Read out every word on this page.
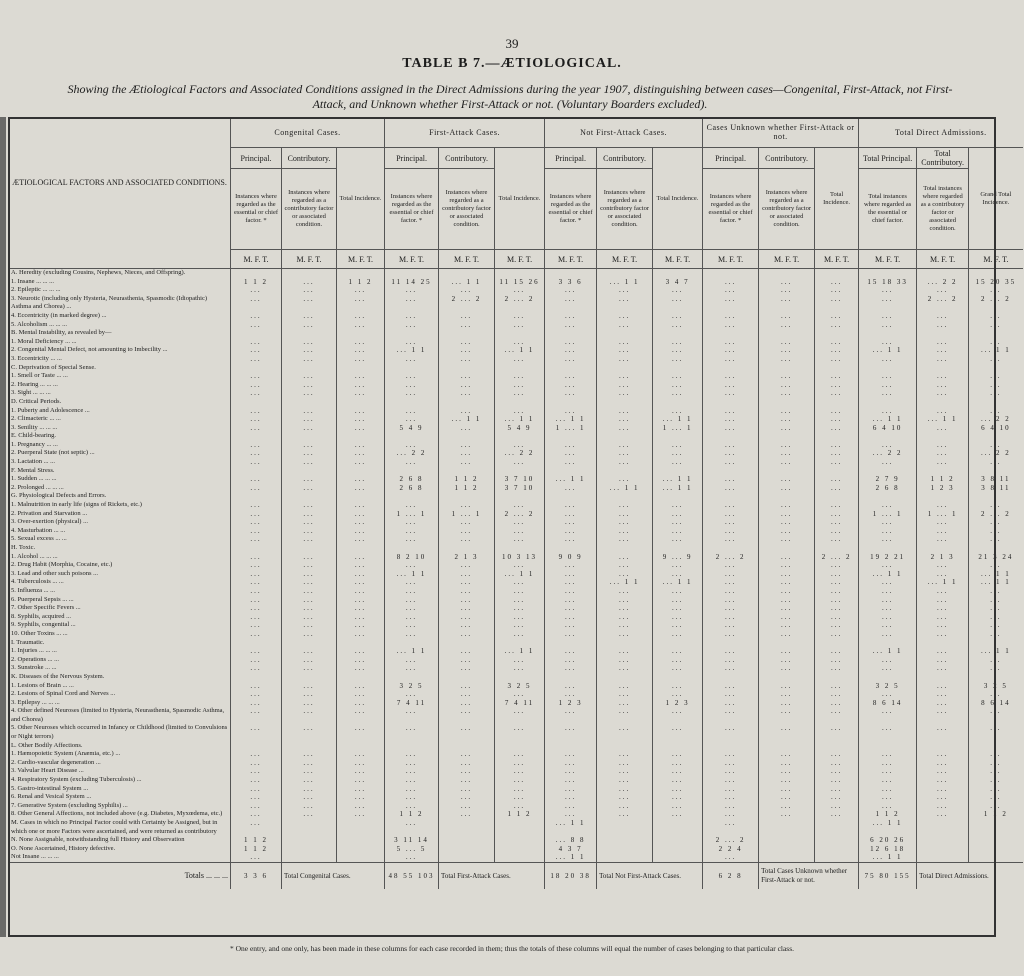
39
TABLE B 7.—ÆTIOLOGICAL.
Showing the Ætiological Factors and Associated Conditions assigned in the Direct Admissions during the year 1907, distinguishing between cases—Congenital, First-Attack, not First-Attack, and Unknown whether First-Attack or not. (Voluntary Boarders excluded).
ÆTIOLOGICAL FACTORS AND ASSOCIATED CONDITIONS.	Congenital Cases.			First-Attack Cases.			Not First-Attack Cases.			Cases Unknown whether First-Attack or not.			Total Direct Admissions.		
	Principal.	Contributory.	Total Incidence.	Principal.	Contributory.	Total Incidence.	Principal.	Contributory.	Total Incidence.	Principal.	Contributory.	Total Incidence.	Total Principal.	Total Contributory.	Grand Total Incidence.
	Instances where regarded as the essential or chief factor. *	Instances where regarded as a contributory factor or associated condition.		Instances where regarded as the essential or chief factor. *	Instances where regarded as a contributory factor or associated condition.		Instances where regarded as the essential or chief factor. *	Instances where regarded as a contributory factor or associated condition.		Instances where regarded as the essential or chief factor. *	Instances where regarded as a contributory factor or associated condition.		Total instances where regarded as the essential or chief factor.	Total instances where regarded as a contributory factor or associated condition.	
	M. F. T.	M. F. T.	M. F. T.	M. F. T.	M. F. T.	M. F. T.	M. F. T.	M. F. T.	M. F. T.	M. F. T.	M. F. T.	M. F. T.	M. F. T.	M. F. T.	M. F. T.
A. Heredity (excluding Cousins, Nephews, Nieces, and Offspring).															
1. Insane ... ... ...	1 1 2	...	1 1 2	11 14 25	... 1 1	11 15 26	3 3 6	... 1 1	3 4 7	...	...	...	15 18 33	... 2 2	15 20 35
2. Epileptic ... ... ...	...	...	...	...	...	...	...	...	...	...	...	...	...	...	...
3. Neurotic (including only Hysteria, Neurasthenia, Spasmodic (Idiopathic) Asthma and Chorea) ...	...	...	...	...	2 ... 2	2 ... 2	...	...	...	...	...	...	...	2 ... 2	2 ... 2
4. Eccentricity (in marked degree) ...	...	...	...	...	...	...	...	...	...	...	...	...	...	...	...
5. Alcoholism ... ... ...	...	...	...	...	...	...	...	...	...	...	...	...	...	...	...
B. Mental Instability, as revealed by—															
1. Moral Deficiency ... ...	...	...	...	...	...	...	...	...	...	...	...	...	...	...	...
2. Congenital Mental Defect, not amounting to Imbecility ...	...	...	...	... 1 1	...	... 1 1	...	...	...	...	...	...	... 1 1	...	... 1 1
3. Eccentricity ... ...	...	...	...	...	...	...	...	...	...	...	...	...	...	...	...
C. Deprivation of Special Sense.															
1. Smell or Taste ... ...	...	...	...	...	...	...	...	...	...	...	...	...	...	...	...
2. Hearing ... ... ...	...	...	...	...	...	...	...	...	...	...	...	...	...	...	...
3. Sight ... ... ...	...	...	...	...	...	...	...	...	...	...	...	...	...	...	...
D. Critical Periods.															
1. Puberty and Adolescence ...	...	...	...	...	...	...	...	...	...	...	...	...	...	...	...
2. Climacteric ... ...	...	...	...	...	... 1 1	... 1 1	... 1 1	...	... 1 1	...	...	...	... 1 1	... 1 1	... 2 2
3. Senility ... ... ...	...	...	...	5 4 9	...	5 4 9	1 ... 1	...	1 ... 1	...	...	...	6 4 10	...	6 4 10
E. Child-bearing.															
1. Pregnancy ... ...	...	...	...	...	...	...	...	...	...	...	...	...	...	...	...
2. Puerperal State (not septic) ...	...	...	...	... 2 2	...	... 2 2	...	...	...	...	...	...	... 2 2	...	... 2 2
3. Lactation ... ...	...	...	...	...	...	...	...	...	...	...	...	...	...	...	...
F. Mental Stress.															
1. Sudden ... ... ...	...	...	...	2 6 8	1 1 2	3 7 10	... 1 1	...	... 1 1	...	...	...	2 7 9	1 1 2	3 8 11
2. Prolonged ... ... ...	...	...	...	2 6 8	1 1 2	3 7 10	...	... 1 1	... 1 1	...	...	...	2 6 8	1 2 3	3 8 11
G. Physiological Defects and Errors.															
1. Malnutrition in early life (signs of Rickets, etc.)	...	...	...	...	...	...	...	...	...	...	...	...	...	...	...
2. Privation and Starvation ...	...	...	...	1 ... 1	1 ... 1	2 ... 2	...	...	...	...	...	...	1 ... 1	1 ... 1	2 ... 2
3. Over-exertion (physical) ...	...	...	...	...	...	...	...	...	...	...	...	...	...	...	...
4. Masturbation ... ...	...	...	...	...	...	...	...	...	...	...	...	...	...	...	...
5. Sexual excess ... ...	...	...	...	...	...	...	...	...	...	...	...	...	...	...	...
H. Toxic.															
1. Alcohol ... ... ...	...	...	...	8 2 10	2 1 3	10 3 13	9 0 9	...	9 ... 9	2 ... 2	...	2 ... 2	19 2 21	2 1 3	21 3 24
2. Drug Habit (Morphia, Cocaine, etc.)	...	...	...	...	...	...	...	...	...	...	...	...	...	...	...
3. Lead and other such poisons ...	...	...	...	... 1 1	...	... 1 1	...	...	...	...	...	...	... 1 1	...	... 1 1
4. Tuberculosis ... ...	...	...	...	...	...	...	...	... 1 1	... 1 1	...	...	...	...	... 1 1	... 1 1
5. Influenza ... ...	...	...	...	...	...	...	...	...	...	...	...	...	...	...	...
6. Puerperal Sepsis ... ...	...	...	...	...	...	...	...	...	...	...	...	...	...	...	...
7. Other Specific Fevers ...	...	...	...	...	...	...	...	...	...	...	...	...	...	...	...
8. Syphilis, acquired ...	...	...	...	...	...	...	...	...	...	...	...	...	...	...	...
9. Syphilis, congenital ...	...	...	...	...	...	...	...	...	...	...	...	...	...	...	...
10. Other Toxins ... ...	...	...	...	...	...	...	...	...	...	...	...	...	...	...	...
I. Traumatic.															
1. Injuries ... ... ...	...	...	...	... 1 1	...	... 1 1	...	...	...	...	...	...	... 1 1	...	... 1 1
2. Operations ... ...	...	...	...	...	...	...	...	...	...	...	...	...	...	...	...
3. Sunstroke ... ...	...	...	...	...	...	...	...	...	...	...	...	...	...	...	...
K. Diseases of the Nervous System.															
1. Lesions of Brain ... ...	...	...	...	3 2 5	...	3 2 5	...	...	...	...	...	...	3 2 5	...	3 2 5
2. Lesions of Spinal Cord and Nerves ...	...	...	...	...	...	...	...	...	...	...	...	...	...	...	...
3. Epilepsy ... ... ...	...	...	...	7 4 11	...	7 4 11	1 2 3	...	1 2 3	...	...	...	8 6 14	...	8 6 14
4. Other defined Neuroses (limited to Hysteria, Neurasthenia, Spasmodic Asthma, and Chorea)	...	...	...	...	...	...	...	...	...	...	...	...	...	...	...
5. Other Neuroses which occurred in Infancy or Childhood (limited to Convulsions or Night terrors)	...	...	...	...	...	...	...	...	...	...	...	...	...	...	...
L. Other Bodily Affections.															
1. Hæmopoietic System (Anæmia, etc.) ...	...	...	...	...	...	...	...	...	...	...	...	...	...	...	...
2. Cardio-vascular degeneration ...	...	...	...	...	...	...	...	...	...	...	...	...	...	...	...
3. Valvular Heart Disease ...	...	...	...	...	...	...	...	...	...	...	...	...	...	...	...
4. Respiratory System (excluding Tuberculosis) ...	...	...	...	...	...	...	...	...	...	...	...	...	...	...	...
5. Gastro-intestinal System ...	...	...	...	...	...	...	...	...	...	...	...	...	...	...	...
6. Renal and Vesical System ...	...	...	...	...	...	...	...	...	...	...	...	...	...	...	...
7. Generative System (excluding Syphilis) ...	...	...	...	...	...	...	...	...	...	...	...	...	...	...	...
8. Other General Affections, not included above (e.g. Diabetes, Myxœdema, etc.)	...	...	...	1 1 2	...	1 1 2	...	...	...	...	...	...	1 1 2	...	1 1 2
M. Cases in which no Principal Factor could with Certainty be Assigned, but in which one or more Factors were ascertained, and were returned as contributory	...			...			... 1 1			...			... 1 1		
N. None Assignable, notwithstanding full History and Observation	1 1 2			3 11 14			... 8 8			2 ... 2			6 20 26		
O. None Ascertained, History defective.	1 1 2			5 ... 5			4 3 7			2 2 4			12 6 18		
Not Insane ... ... ...	...			...			... 1 1			...			... 1 1		
Totals ... ... ...	3 3 6	Total Congenital Cases.		48 55 103	Total First-Attack Cases.		18 20 38	Total Not First-Attack Cases.		6 2 8	Total Cases Unknown whether First-Attack or not.		75 80 155	Total Direct Admissions.	
* One entry, and one only, has been made in these columns for each case recorded in them; thus the totals of these columns will equal the number of cases belonging to that particular class.
